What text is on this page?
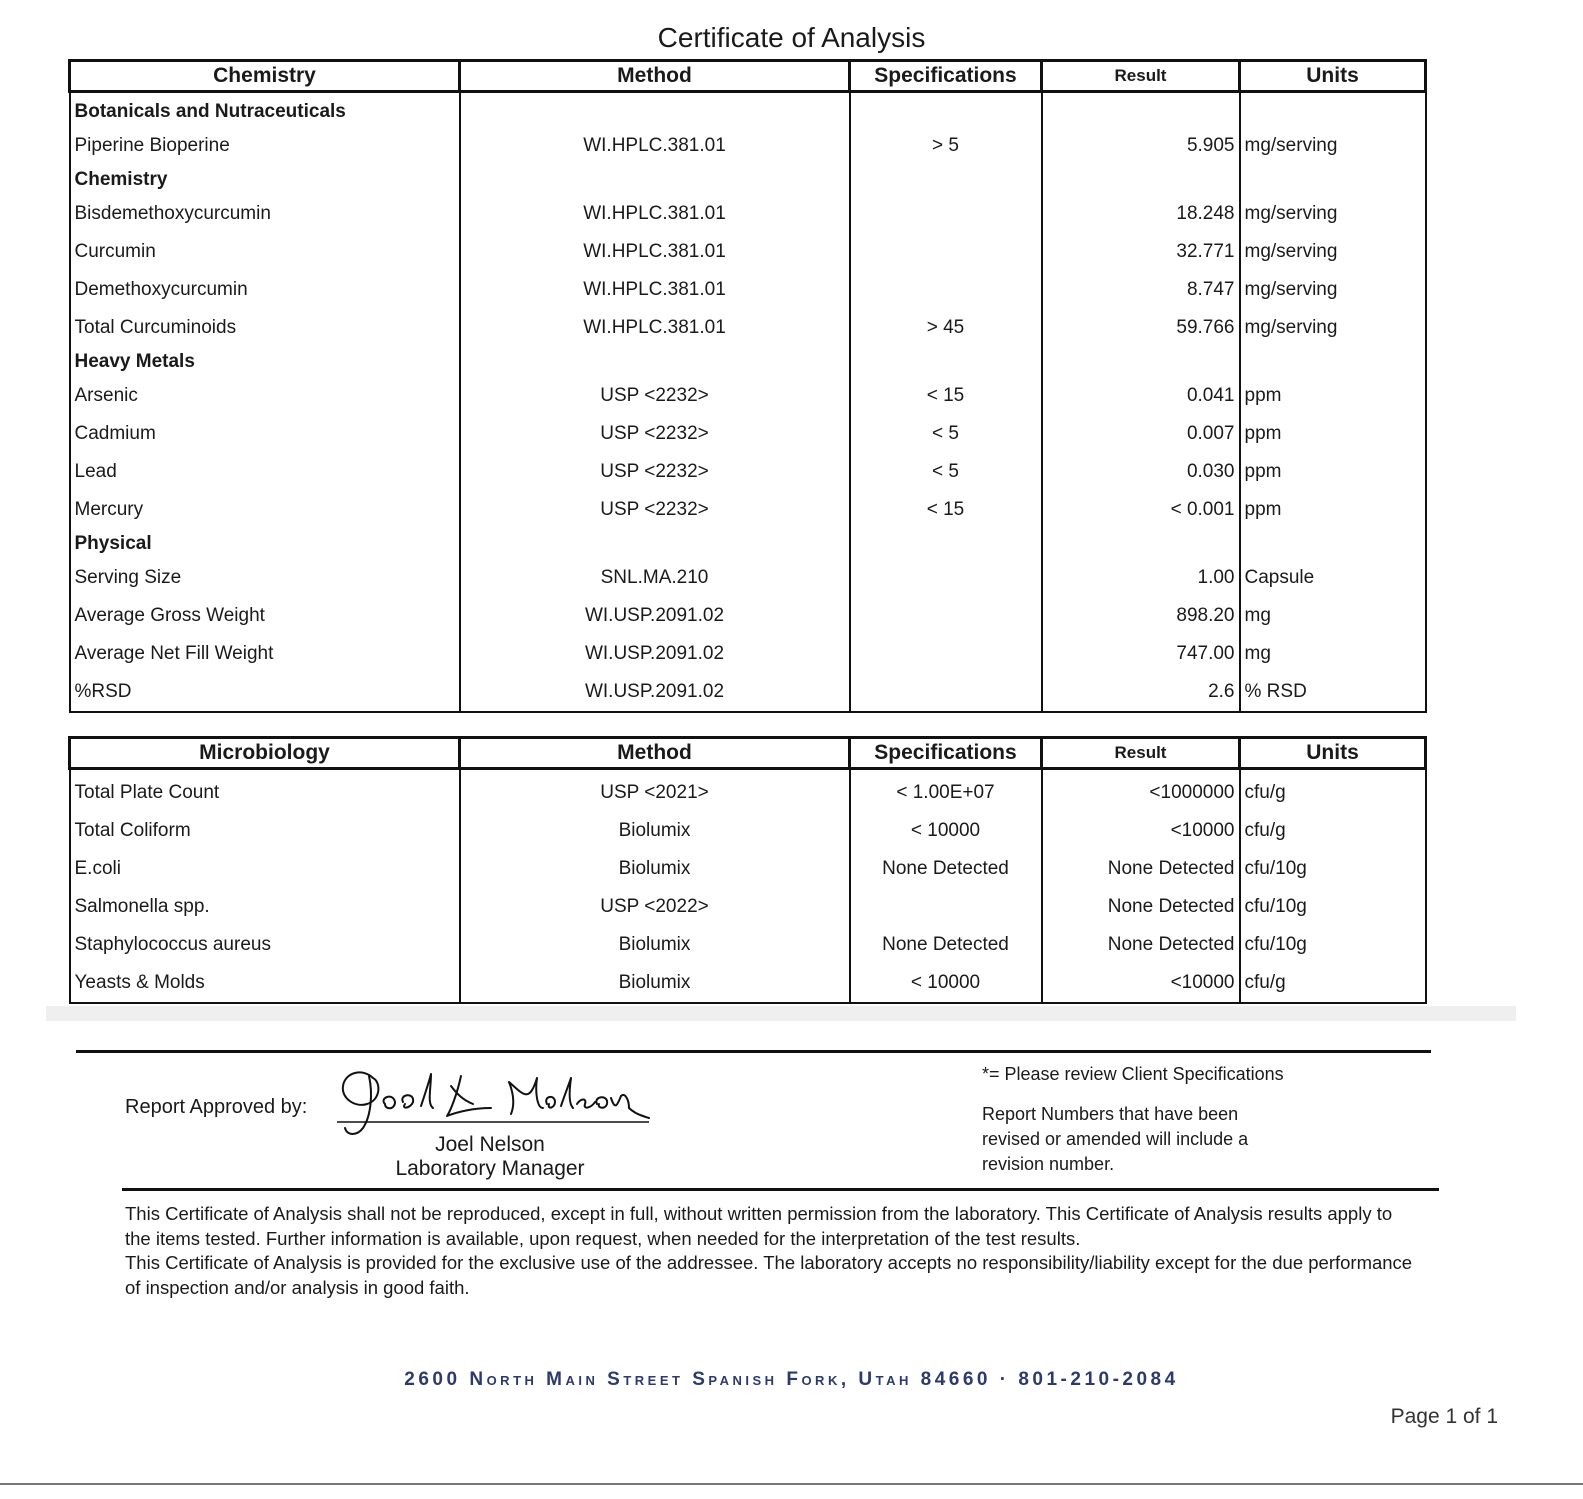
Certificate of Analysis
Chemistry	Method	Specifications	Result	Units

Botanicals and Nutraceuticals				
Piperine Bioperine	WI.HPLC.381.01	> 5	5.905	mg/serving
Chemistry				
Bisdemethoxycurcumin	WI.HPLC.381.01		18.248	mg/serving
Curcumin	WI.HPLC.381.01		32.771	mg/serving
Demethoxycurcumin	WI.HPLC.381.01		8.747	mg/serving
Total Curcuminoids	WI.HPLC.381.01	> 45	59.766	mg/serving
Heavy Metals				
Arsenic	USP <2232>	< 15	0.041	ppm
Cadmium	USP <2232>	< 5	0.007	ppm
Lead	USP <2232>	< 5	0.030	ppm
Mercury	USP <2232>	< 15	< 0.001	ppm
Physical				
Serving Size	SNL.MA.210		1.00	Capsule
Average Gross Weight	WI.USP.2091.02		898.20	mg
Average Net Fill Weight	WI.USP.2091.02		747.00	mg
%RSD	WI.USP.2091.02		2.6	% RSD
Microbiology	Method	Specifications	Result	Units

Total Plate Count	USP <2021>	< 1.00E+07	<1000000	cfu/g
Total Coliform	Biolumix	< 10000	<10000	cfu/g
E.coli	Biolumix	None Detected	None Detected	cfu/10g
Salmonella spp.	USP <2022>		None Detected	cfu/10g
Staphylococcus aureus	Biolumix	None Detected	None Detected	cfu/10g
Yeasts & Molds	Biolumix	< 10000	<10000	cfu/g
Report Approved by:
Joel Nelson
Laboratory Manager
*= Please review Client Specifications
Report Numbers that have been revised or amended will include a revision number.
This Certificate of Analysis shall not be reproduced, except in full, without written permission from the laboratory. This Certificate of Analysis results apply to the items tested. Further information is available, upon request, when needed for the interpretation of the test results.
This Certificate of Analysis is provided for the exclusive use of the addressee. The laboratory accepts no responsibility/liability except for the due performance of inspection and/or analysis in good faith.
2600 North Main Street Spanish Fork, Utah 84660 · 801-210-2084
Page 1 of 1
